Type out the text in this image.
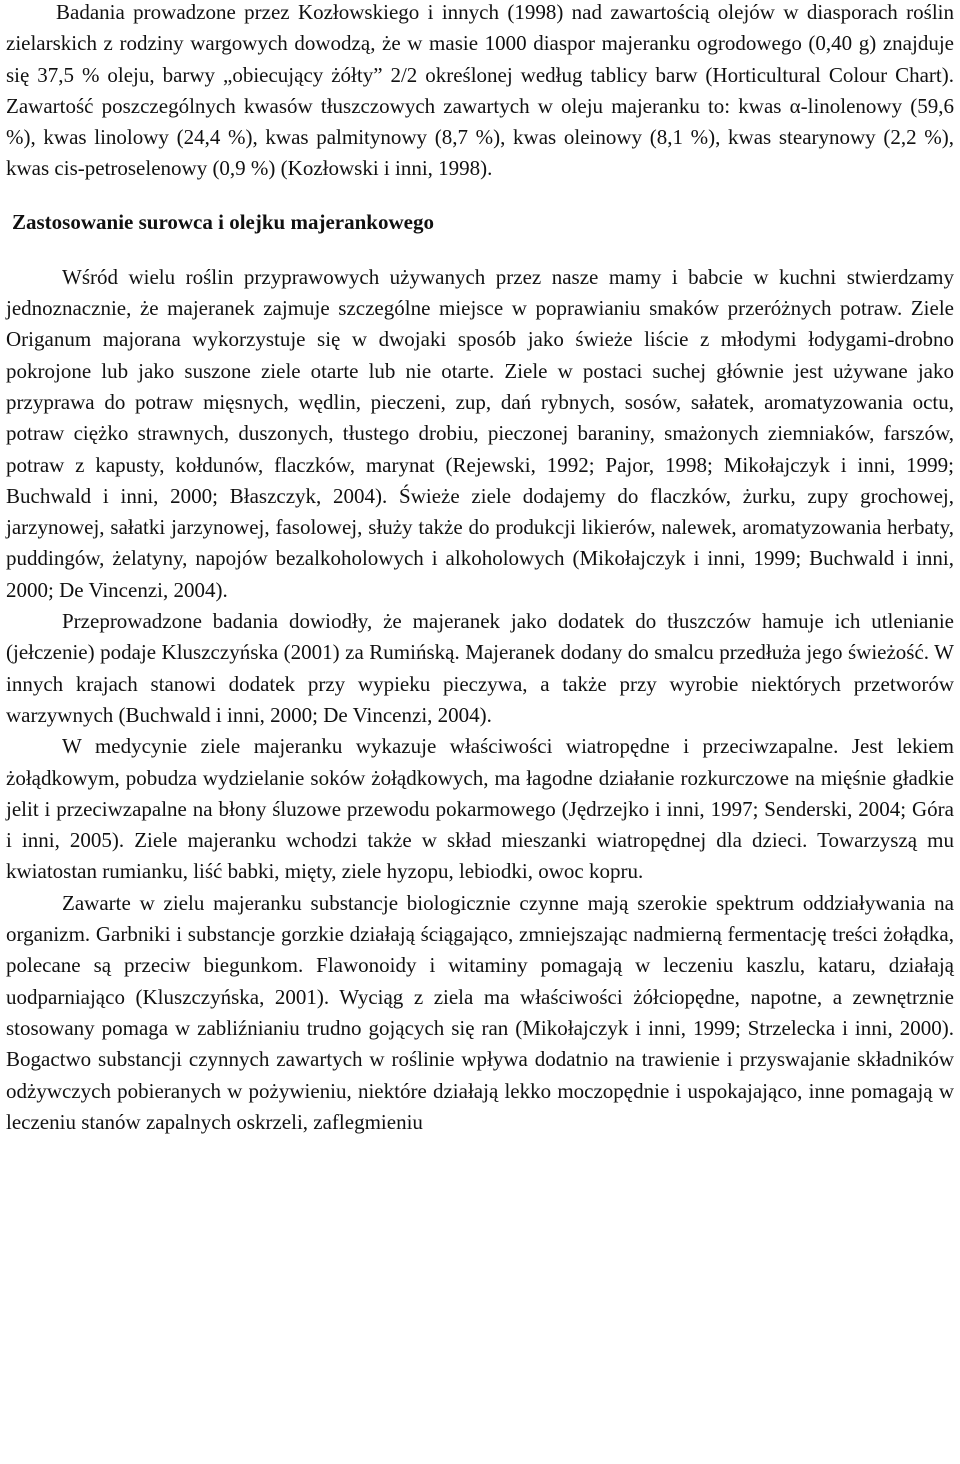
Badania prowadzone przez Kozłowskiego i innych (1998) nad zawartością olejów w diasporach roślin zielarskich z rodziny wargowych dowodzą, że w masie 1000 diaspor majeranku ogrodowego (0,40 g) znajduje się 37,5 % oleju, barwy „obiecujący żółty” 2/2 określonej według tablicy barw (Horticultural Colour Chart). Zawartość poszczególnych kwasów tłuszczowych zawartych w oleju majeranku to: kwas α-linolenowy (59,6 %), kwas linolowy (24,4 %), kwas palmitynowy (8,7 %), kwas oleinowy (8,1 %), kwas stearynowy (2,2 %), kwas cis-petroselenowy (0,9 %) (Kozłowski i inni, 1998).

Zastosowanie surowca i olejku majerankowego

Wśród wielu roślin przyprawowych używanych przez nasze mamy i babcie w kuchni stwierdzamy jednoznacznie, że majeranek zajmuje szczególne miejsce w poprawianiu smaków przeróżnych potraw. Ziele Origanum majorana wykorzystuje się w dwojaki sposób jako świeże liście z młodymi łodygami-drobno pokrojone lub jako suszone ziele otarte lub nie otarte. Ziele w postaci suchej głównie jest używane jako przyprawa do potraw mięsnych, wędlin, pieczeni, zup, dań rybnych, sosów, sałatek, aromatyzowania octu, potraw ciężko strawnych, duszonych, tłustego drobiu, pieczonej baraniny, smażonych ziemniaków, farszów, potraw z kapusty, kołdunów, flaczków, marynat (Rejewski, 1992; Pajor, 1998; Mikołajczyk i inni, 1999; Buchwald i inni, 2000; Błaszczyk, 2004). Świeże ziele dodajemy do flaczków, żurku, zupy grochowej, jarzynowej, sałatki jarzynowej, fasolowej, służy także do produkcji likierów, nalewek, aromatyzowania herbaty, puddingów, żelatyny, napojów bezalkoholowych i alkoholowych (Mikołajczyk i inni, 1999; Buchwald i inni, 2000; De Vincenzi, 2004).

Przeprowadzone badania dowiodły, że majeranek jako dodatek do tłuszczów hamuje ich utlenianie (jełczenie) podaje Kluszczyńska (2001) za Rumińską. Majeranek dodany do smalcu przedłuża jego świeżość. W innych krajach stanowi dodatek przy wypieku pieczywa, a także przy wyrobie niektórych przetworów warzywnych (Buchwald i inni, 2000; De Vincenzi, 2004).

W medycynie ziele majeranku wykazuje właściwości wiatropędne i przeciwzapalne. Jest lekiem żołądkowym, pobudza wydzielanie soków żołądkowych, ma łagodne działanie rozkurczowe na mięśnie gładkie jelit i przeciwzapalne na błony śluzowe przewodu pokarmowego (Jędrzejko i inni, 1997; Senderski, 2004; Góra i inni, 2005). Ziele majeranku wchodzi także w skład mieszanki wiatropędnej dla dzieci. Towarzyszą mu kwiatostan rumianku, liść babki, mięty, ziele hyzopu, lebiodki, owoc kopru.

Zawarte w zielu majeranku substancje biologicznie czynne mają szerokie spektrum oddziaływania na organizm. Garbniki i substancje gorzkie działają ściągająco, zmniejszając nadmierną fermentację treści żołądka, polecane są przeciw biegunkom. Flawonoidy i witaminy pomagają w leczeniu kaszlu, kataru, działają uodparniająco (Kluszczyńska, 2001). Wyciąg z ziela ma właściwości żółciopędne, napotne, a zewnętrznie stosowany pomaga w zabliźnianiu trudno gojących się ran (Mikołajczyk i inni, 1999; Strzelecka i inni, 2000). Bogactwo substancji czynnych zawartych w roślinie wpływa dodatnio na trawienie i przyswajanie składników odżywczych pobieranych w pożywieniu, niektóre działają lekko moczopędnie i uspokajająco, inne pomagają w leczeniu stanów zapalnych oskrzeli, zaflegmieniu
